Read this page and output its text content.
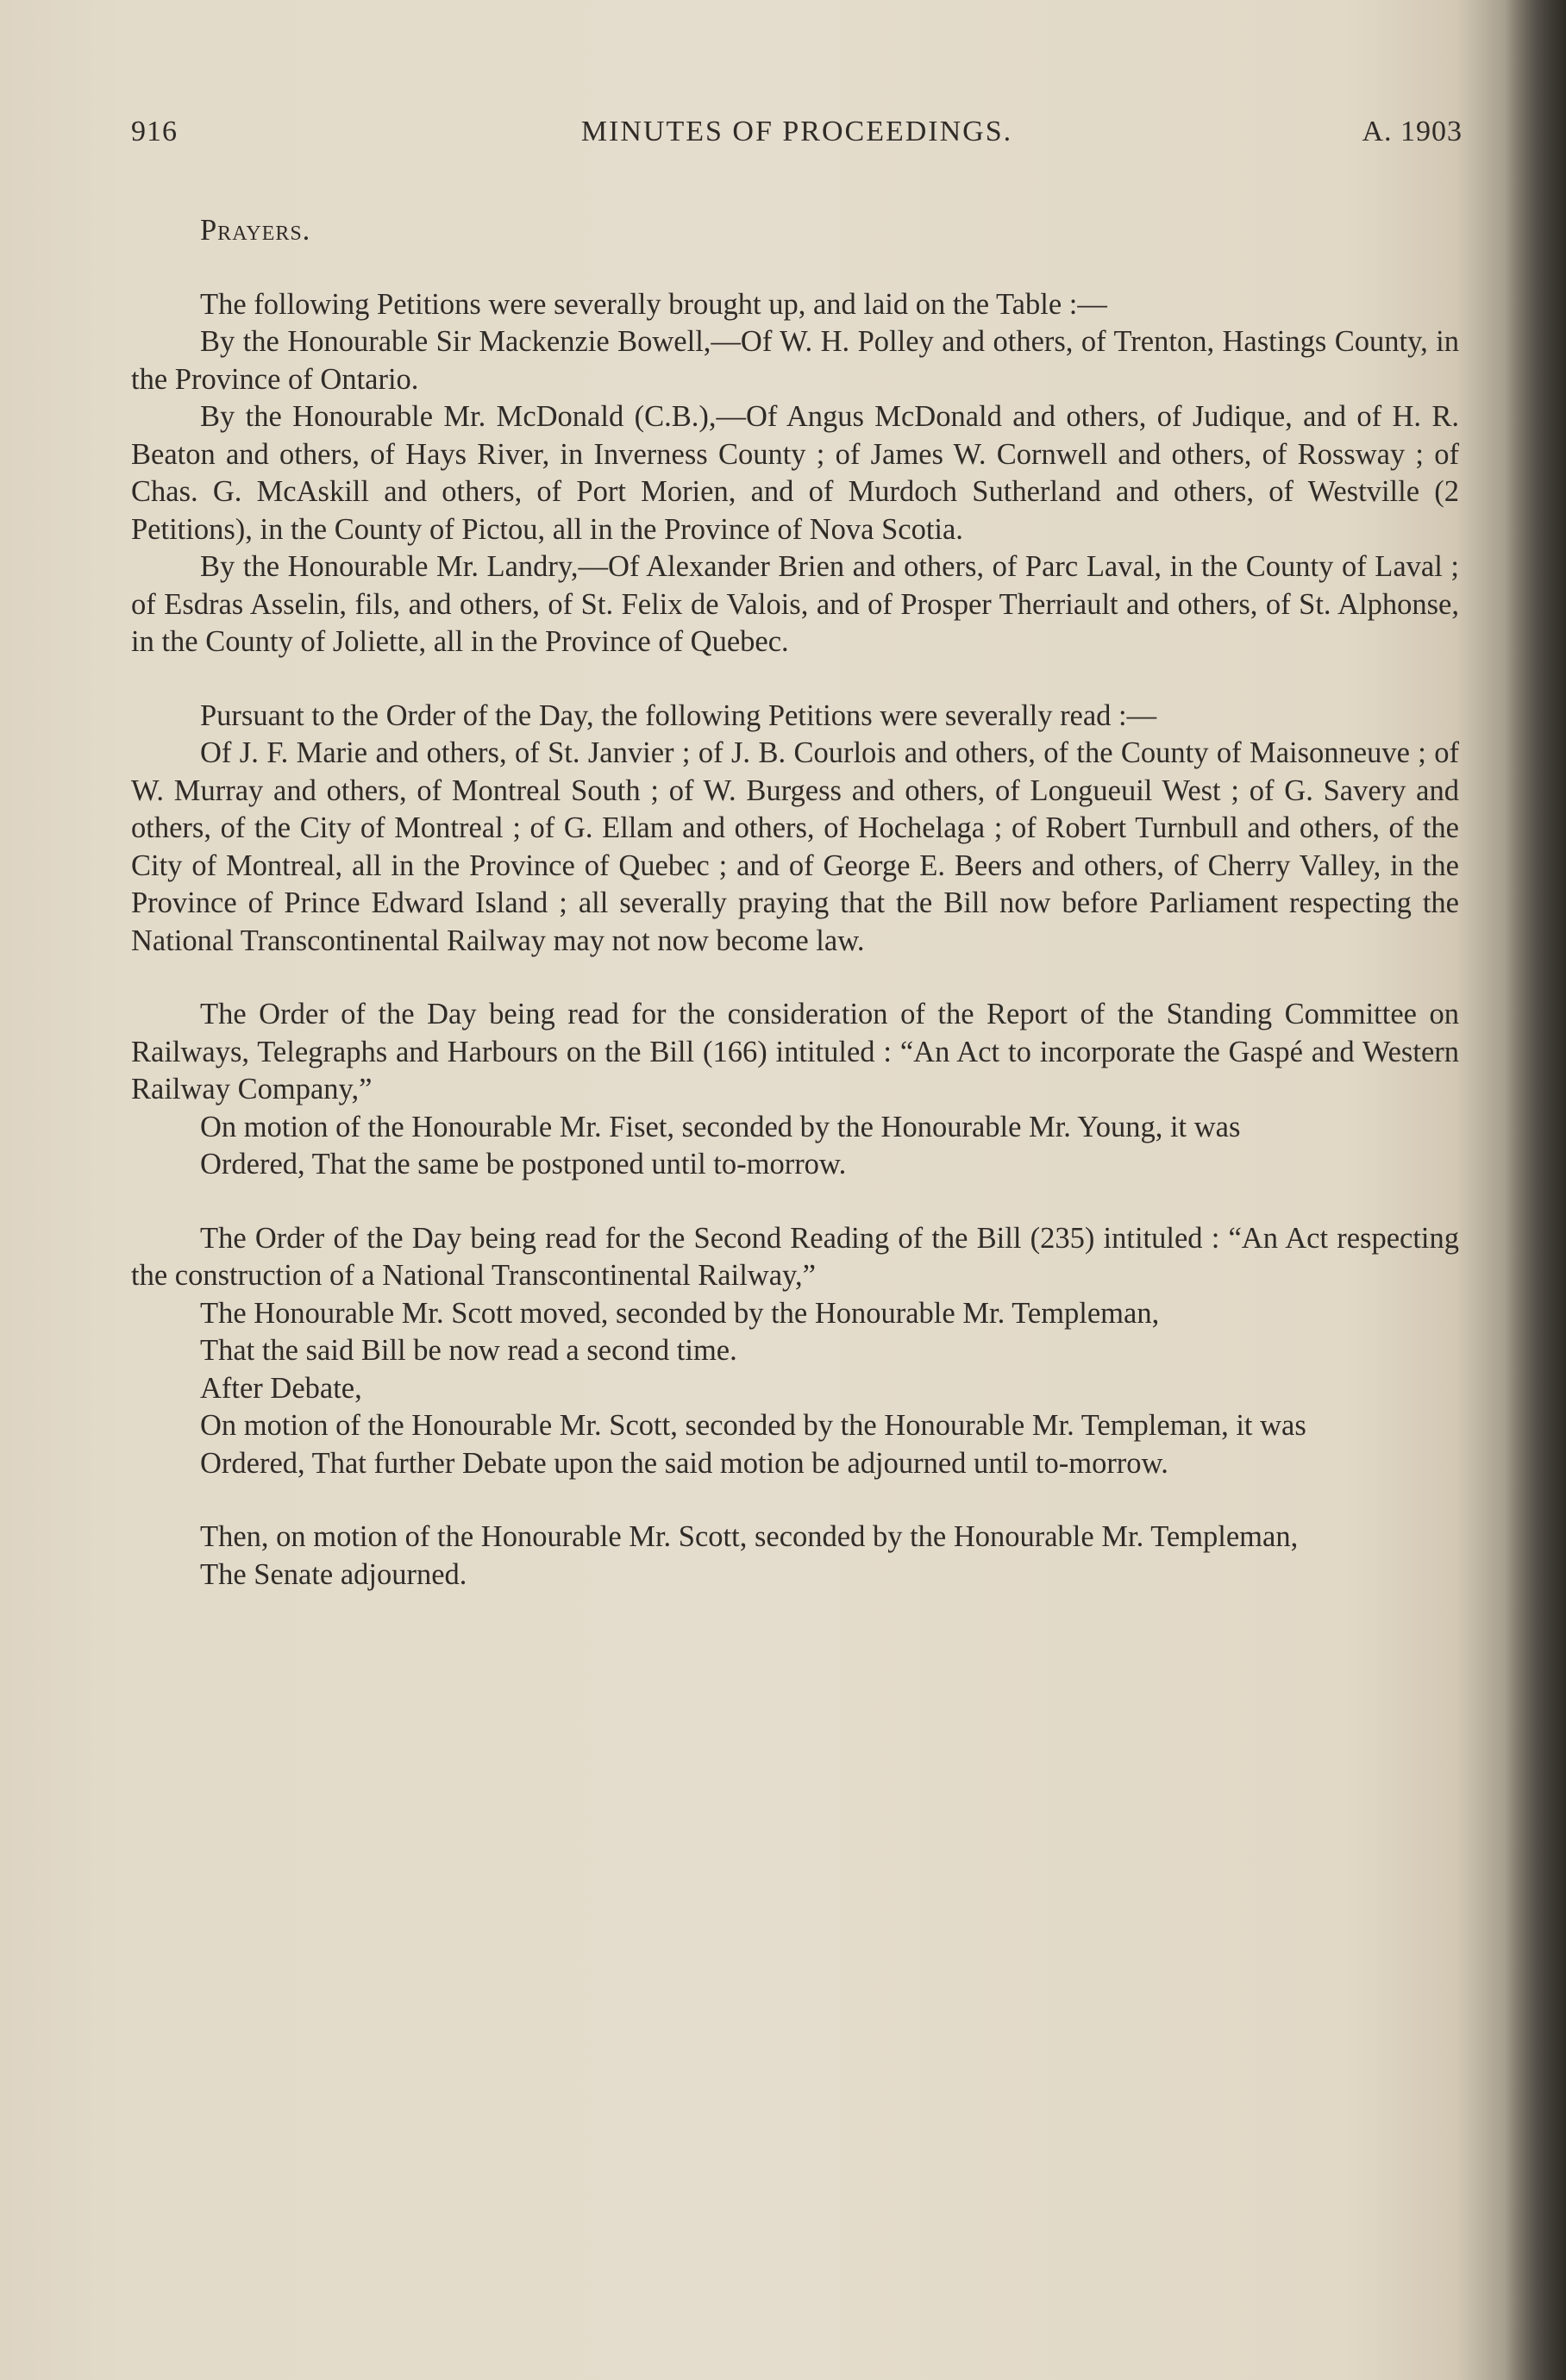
916	MINUTES OF PROCEEDINGS.	A. 1903

Prayers.

The following Petitions were severally brought up, and laid on the Table :—

By the Honourable Sir Mackenzie Bowell,—Of W. H. Polley and others, of Trenton, Hastings County, in the Province of Ontario.

By the Honourable Mr. McDonald (C.B.),—Of Angus McDonald and others, of Judique, and of H. R. Beaton and others, of Hays River, in Inverness County ; of James W. Cornwell and others, of Rossway ; of Chas. G. McAskill and others, of Port Morien, and of Murdoch Sutherland and others, of Westville (2 Petitions), in the County of Pictou, all in the Province of Nova Scotia.

By the Honourable Mr. Landry,—Of Alexander Brien and others, of Parc Laval, in the County of Laval ; of Esdras Asselin, fils, and others, of St. Felix de Valois, and of Prosper Therriault and others, of St. Alphonse, in the County of Joliette, all in the Province of Quebec.

Pursuant to the Order of the Day, the following Petitions were severally read :—

Of J. F. Marie and others, of St. Janvier ; of J. B. Courlois and others, of the County of Maisonneuve ; of W. Murray and others, of Montreal South ; of W. Burgess and others, of Longueuil West ; of G. Savery and others, of the City of Montreal ; of G. Ellam and others, of Hochelaga ; of Robert Turnbull and others, of the City of Montreal, all in the Province of Quebec ; and of George E. Beers and others, of Cherry Valley, in the Province of Prince Edward Island ; all severally praying that the Bill now before Parliament respecting the National Transcontinental Railway may not now become law.

The Order of the Day being read for the consideration of the Report of the Standing Committee on Railways, Telegraphs and Harbours on the Bill (166) intituled : “An Act to incorporate the Gaspé and Western Railway Company,”

On motion of the Honourable Mr. Fiset, seconded by the Honourable Mr. Young, it was

Ordered, That the same be postponed until to-morrow.

The Order of the Day being read for the Second Reading of the Bill (235) intituled : “An Act respecting the construction of a National Transcontinental Railway,”

The Honourable Mr. Scott moved, seconded by the Honourable Mr. Templeman,

That the said Bill be now read a second time.

After Debate,

On motion of the Honourable Mr. Scott, seconded by the Honourable Mr. Templeman, it was

Ordered, That further Debate upon the said motion be adjourned until to-morrow.

Then, on motion of the Honourable Mr. Scott, seconded by the Honourable Mr. Templeman,

The Senate adjourned.
